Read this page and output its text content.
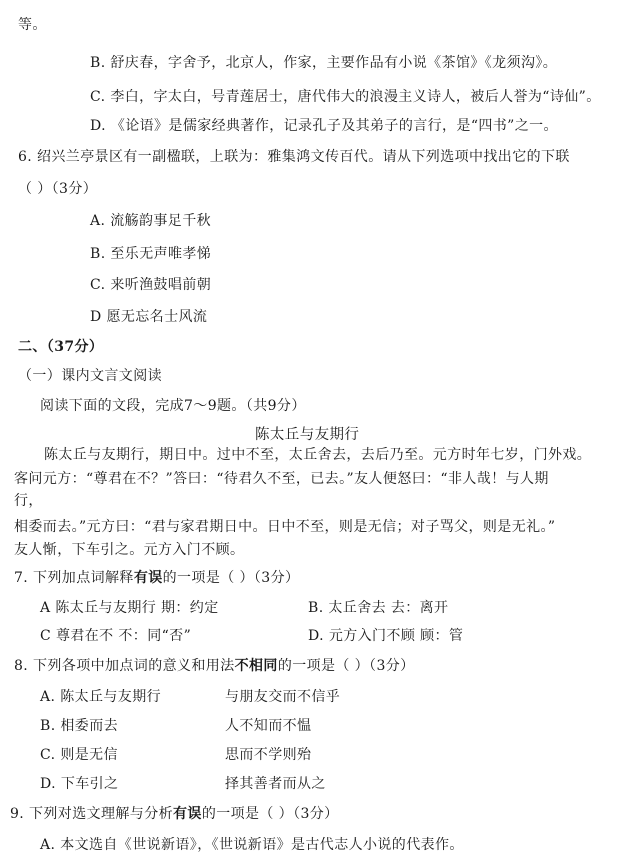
等。
B. 舒庆春，字舍予，北京人，作家，主要作品有小说《茶馆》《龙须沟》。
C. 李白，字太白，号青莲居士，唐代伟大的浪漫主义诗人，被后人誉为“诗仙”。
D. 《论语》是儒家经典著作，记录孔子及其弟子的言行，是“四书”之一。
6. 绍兴兰亭景区有一副楹联，上联为：雅集鸿文传百代。请从下列选项中找出它的下联
（ ）（3分）
A. 流觞韵事足千秋
B. 至乐无声唯孝悌
C. 来听渔鼓唱前朝
D 愿无忘名士风流
二、（37分）
（一）课内文言文阅读
阅读下面的文段，完成7～9题。（共9分）
陈太丘与友期行
陈太丘与友期行，期日中。过中不至，太丘舍去，去后乃至。元方时年七岁，门外戏。
客问元方：“尊君在不？”答曰：“待君久不至，已去。”友人便怒曰：“非人哉！与人期
行，
相委而去。”元方曰：“君与家君期日中。日中不至，则是无信；对子骂父，则是无礼。”
友人惭，下车引之。元方入门不顾。
7. 下列加点词解释有误的一项是（ ）（3分）
A 陈太丘与友期行 期：约定	B. 太丘舍去 去：离开
C 尊君在不 不：同“否”	D. 元方入门不顾 顾：管
8. 下列各项中加点词的意义和用法不相同的一项是（ ）（3分）
A. 陈太丘与友期行	与朋友交而不信乎
B. 相委而去	人不知而不愠
C. 则是无信	思而不学则殆
D. 下车引之	择其善者而从之
9. 下列对选文理解与分析有误的一项是（ ）（3分）
A. 本文选自《世说新语》，《世说新语》是古代志人小说的代表作。
